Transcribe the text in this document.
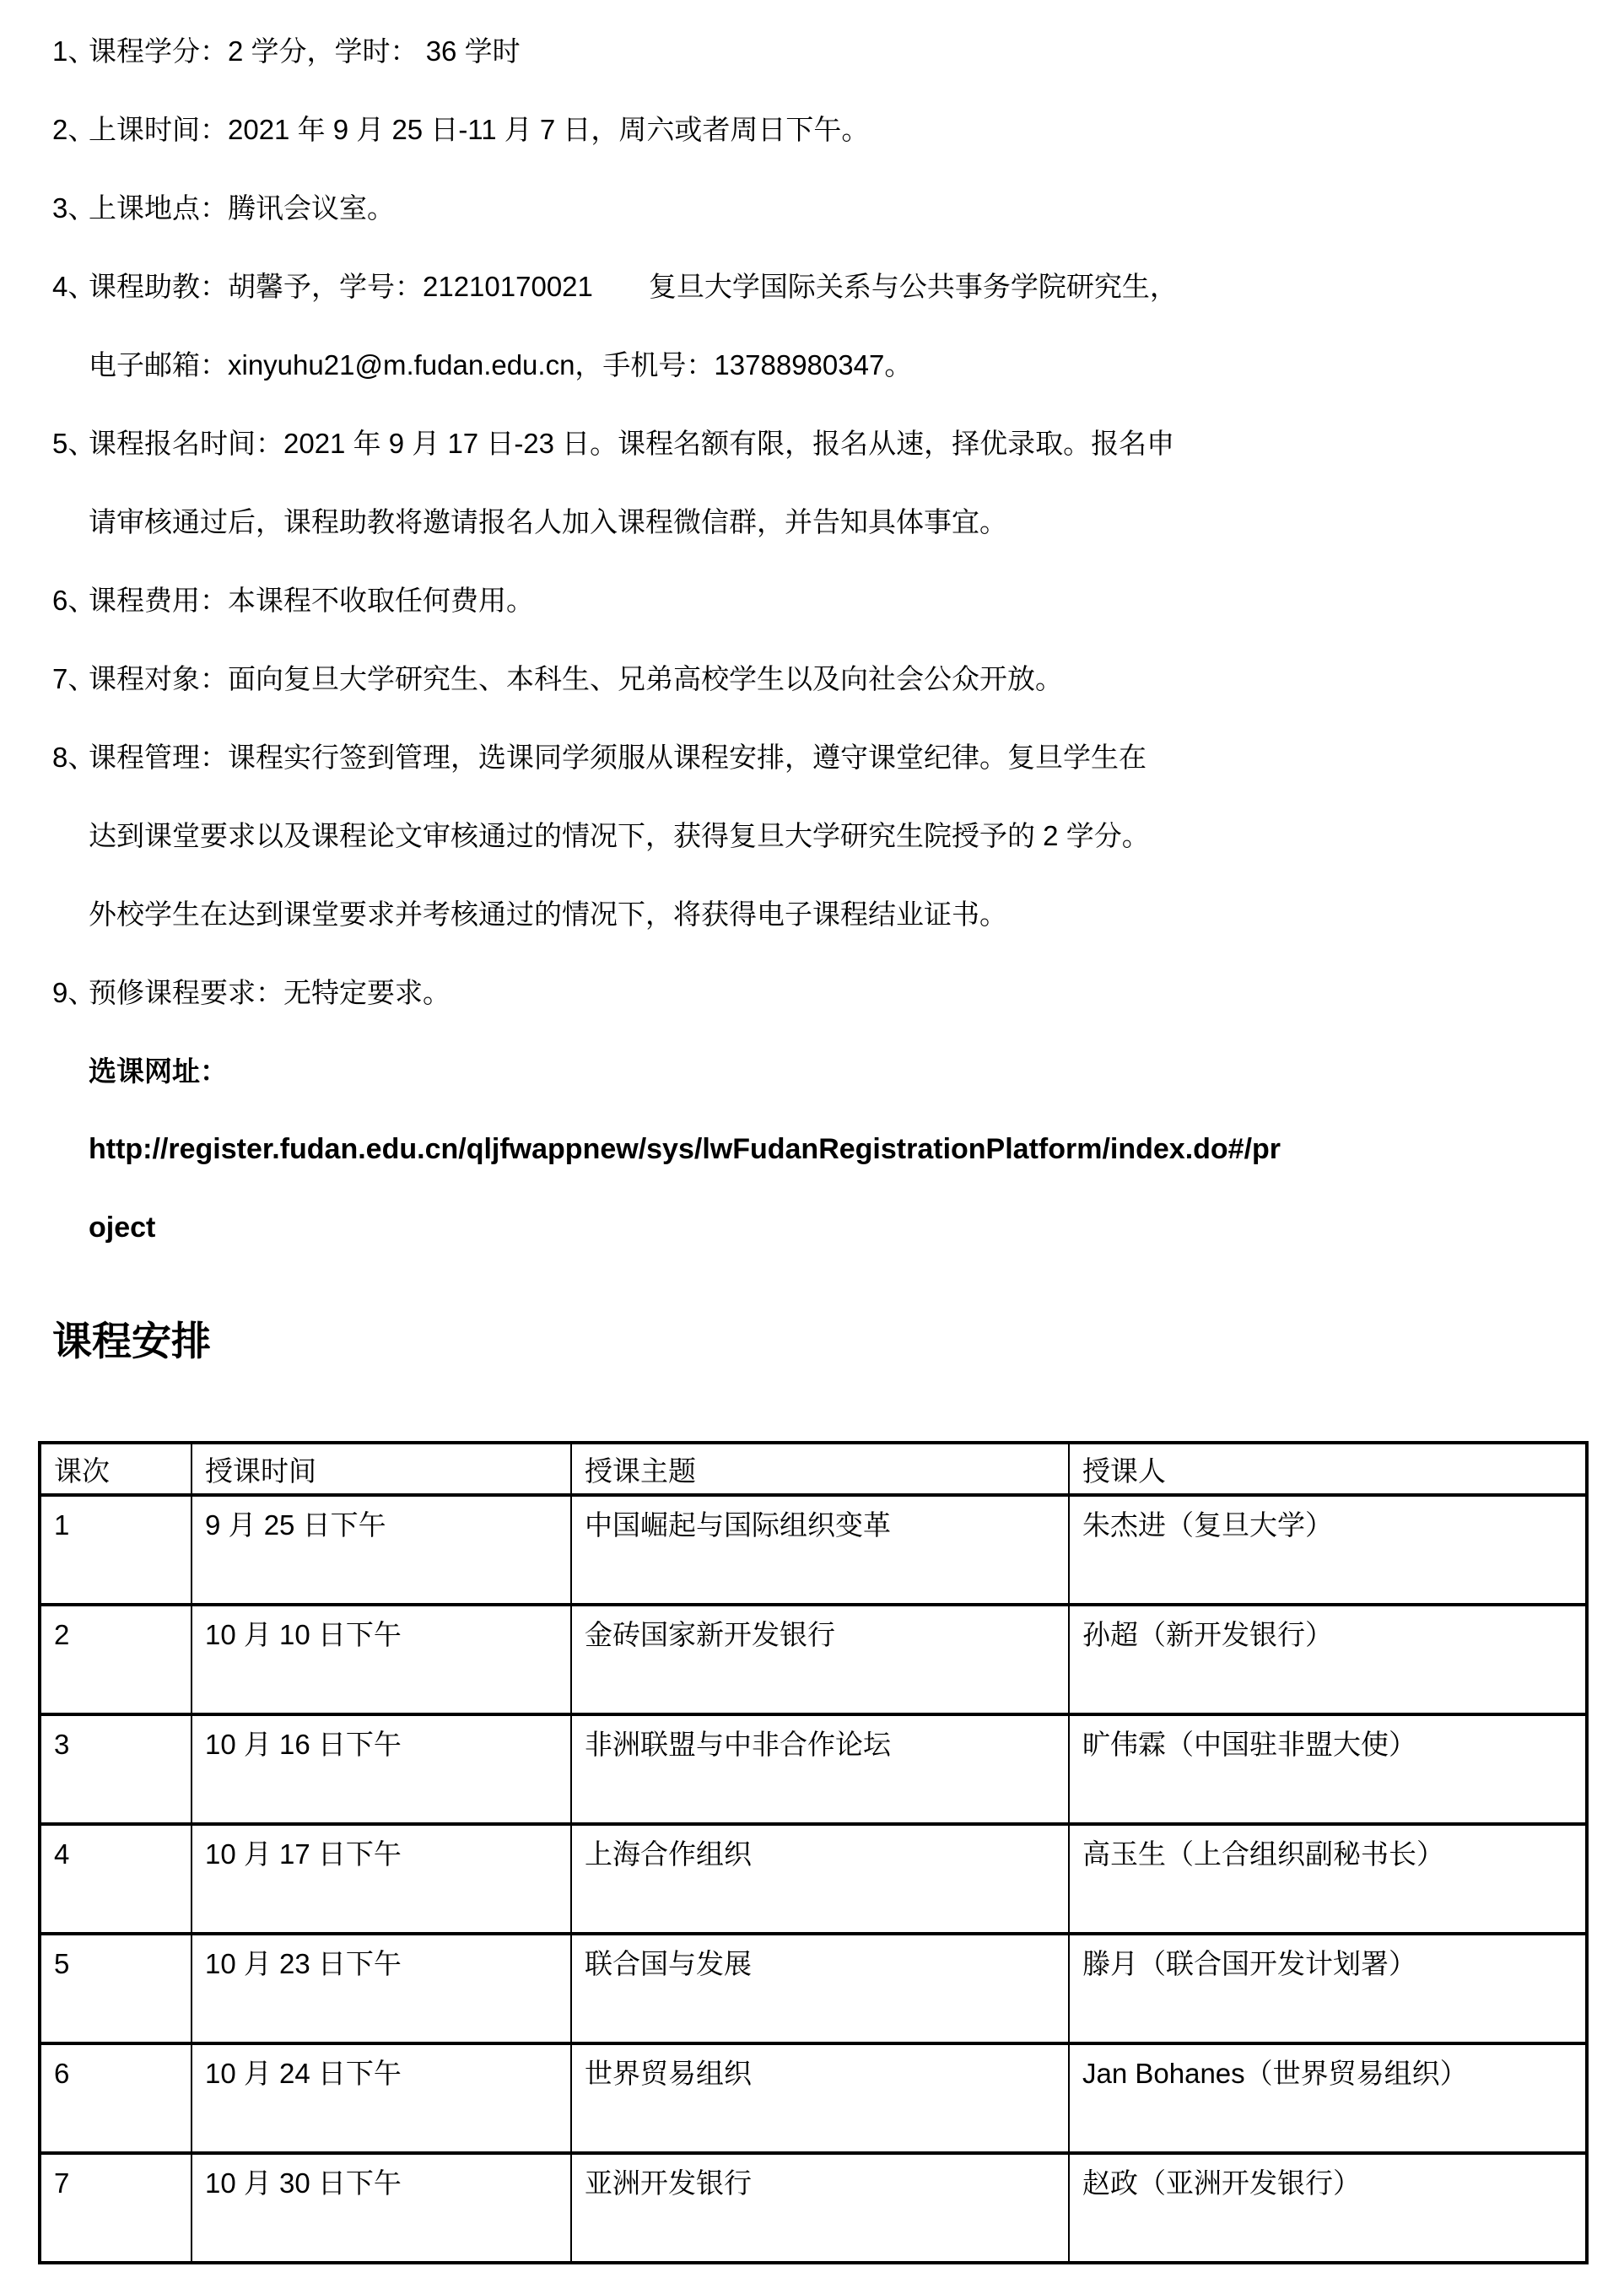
1、
课程学分：2 学分，学时： 36 学时
2、
上课时间：2021 年 9 月 25 日-11 月 7 日，周六或者周日下午。
3、
上课地点：腾讯会议室。
4、
课程助教：胡馨予，学号：21210170021　　复旦大学国际关系与公共事务学院研究生，
电子邮箱：xinyuhu21@m.fudan.edu.cn，手机号：13788980347。
5、
课程报名时间：2021 年 9 月 17 日-23 日。课程名额有限，报名从速，择优录取。报名申
请审核通过后，课程助教将邀请报名人加入课程微信群，并告知具体事宜。
6、
课程费用：本课程不收取任何费用。
7、
课程对象：面向复旦大学研究生、本科生、兄弟高校学生以及向社会公众开放。
8、
课程管理：课程实行签到管理，选课同学须服从课程安排，遵守课堂纪律。复旦学生在
达到课堂要求以及课程论文审核通过的情况下，获得复旦大学研究生院授予的 2 学分。
外校学生在达到课堂要求并考核通过的情况下，将获得电子课程结业证书。
9、
预修课程要求：无特定要求。
选课网址：
http://register.fudan.edu.cn/qljfwappnew/sys/lwFudanRegistrationPlatform/index.do#/pr
oject
课程安排
课次	授课时间	授课主题	授课人
1	9 月 25 日下午	中国崛起与国际组织变革	朱杰进（复旦大学）
2	10 月 10 日下午	金砖国家新开发银行	孙超（新开发银行）
3	10 月 16 日下午	非洲联盟与中非合作论坛	旷伟霖（中国驻非盟大使）
4	10 月 17 日下午	上海合作组织	高玉生（上合组织副秘书长）
5	10 月 23 日下午	联合国与发展	滕月（联合国开发计划署）
6	10 月 24 日下午	世界贸易组织	Jan Bohanes（世界贸易组织）
7	10 月 30 日下午	亚洲开发银行	赵政（亚洲开发银行）
